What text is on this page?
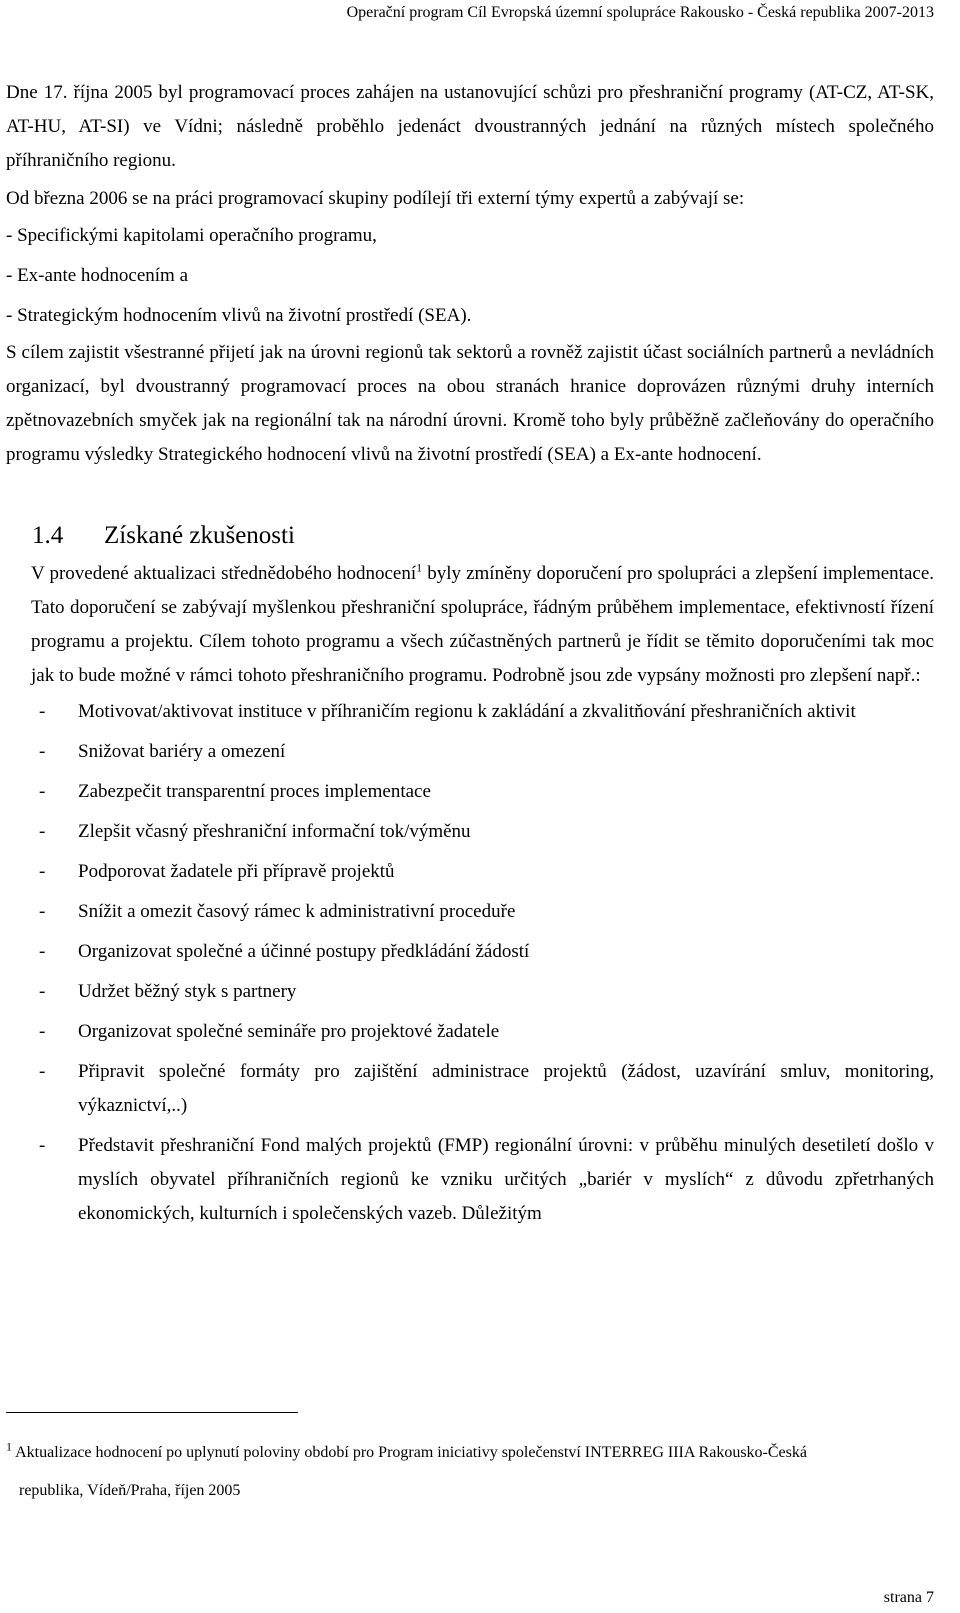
Operační program Cíl Evropská územní spolupráce Rakousko - Česká republika 2007-2013

Dne 17. října 2005 byl programovací proces zahájen na ustanovující schůzi pro přeshraniční programy (AT-CZ, AT-SK, AT-HU, AT-SI) ve Vídni; následně proběhlo jedenáct dvoustranných jednání na různých místech společného příhraničního regionu.

Od března 2006 se na práci programovací skupiny podílejí tři externí týmy expertů a zabývají se:

- Specifickými kapitolami operačního programu,

- Ex-ante hodnocením a

- Strategickým hodnocením vlivů na životní prostředí (SEA).

S cílem zajistit všestranné přijetí jak na úrovni regionů tak sektorů a rovněž zajistit účast sociálních partnerů a nevládních organizací, byl dvoustranný programovací proces na obou stranách hranice doprovázen různými druhy interních zpětnovazebních smyček jak na regionální tak na národní úrovni. Kromě toho byly průběžně začleňovány do operačního programu výsledky Strategického hodnocení vlivů na životní prostředí (SEA) a Ex-ante hodnocení.

1.4 Získané zkušenosti

V provedené aktualizaci střednědobého hodnocení$^1$ byly zmíněny doporučení pro spolupráci a zlepšení implementace. Tato doporučení se zabývají myšlenkou přeshraniční spolupráce, řádným průběhem implementace, efektivností řízení programu a projektu. Cílem tohoto programu a všech zúčastněných partnerů je řídit se těmito doporučeními tak moc jak to bude možné v rámci tohoto přeshraničního programu. Podrobně jsou zde vypsány možnosti pro zlepšení např.:

- Motivovat/aktivovat instituce v příhraničím regionu k zakládání a zkvalitňování přeshraničních aktivit
- Snižovat bariéry a omezení
- Zabezpečit transparentní proces implementace
- Zlepšit včasný přeshraniční informační tok/výměnu
- Podporovat žadatele při přípravě projektů
- Snížit a omezit časový rámec k administrativní proceduře
- Organizovat společné a účinné postupy předkládání žádostí
- Udržet běžný styk s partnery
- Organizovat společné semináře pro projektové žadatele
- Připravit společné formáty pro zajištění administrace projektů (žádost, uzavírání smluv, monitoring, výkaznictví,..)
- Představit přeshraniční Fond malých projektů (FMP) regionální úrovni: v průběhu minulých desetiletí došlo v myslích obyvatel příhraničních regionů ke vzniku určitých „bariér v myslích“ z důvodu zpřetrhaných ekonomických, kulturních i společenských vazeb. Důležitým
$^1$ Aktualizace hodnocení po uplynutí poloviny období pro Program iniciativy společenství INTERREG IIIA Rakousko-Česká
republika, Vídeň/Praha, říjen 2005
strana 7
